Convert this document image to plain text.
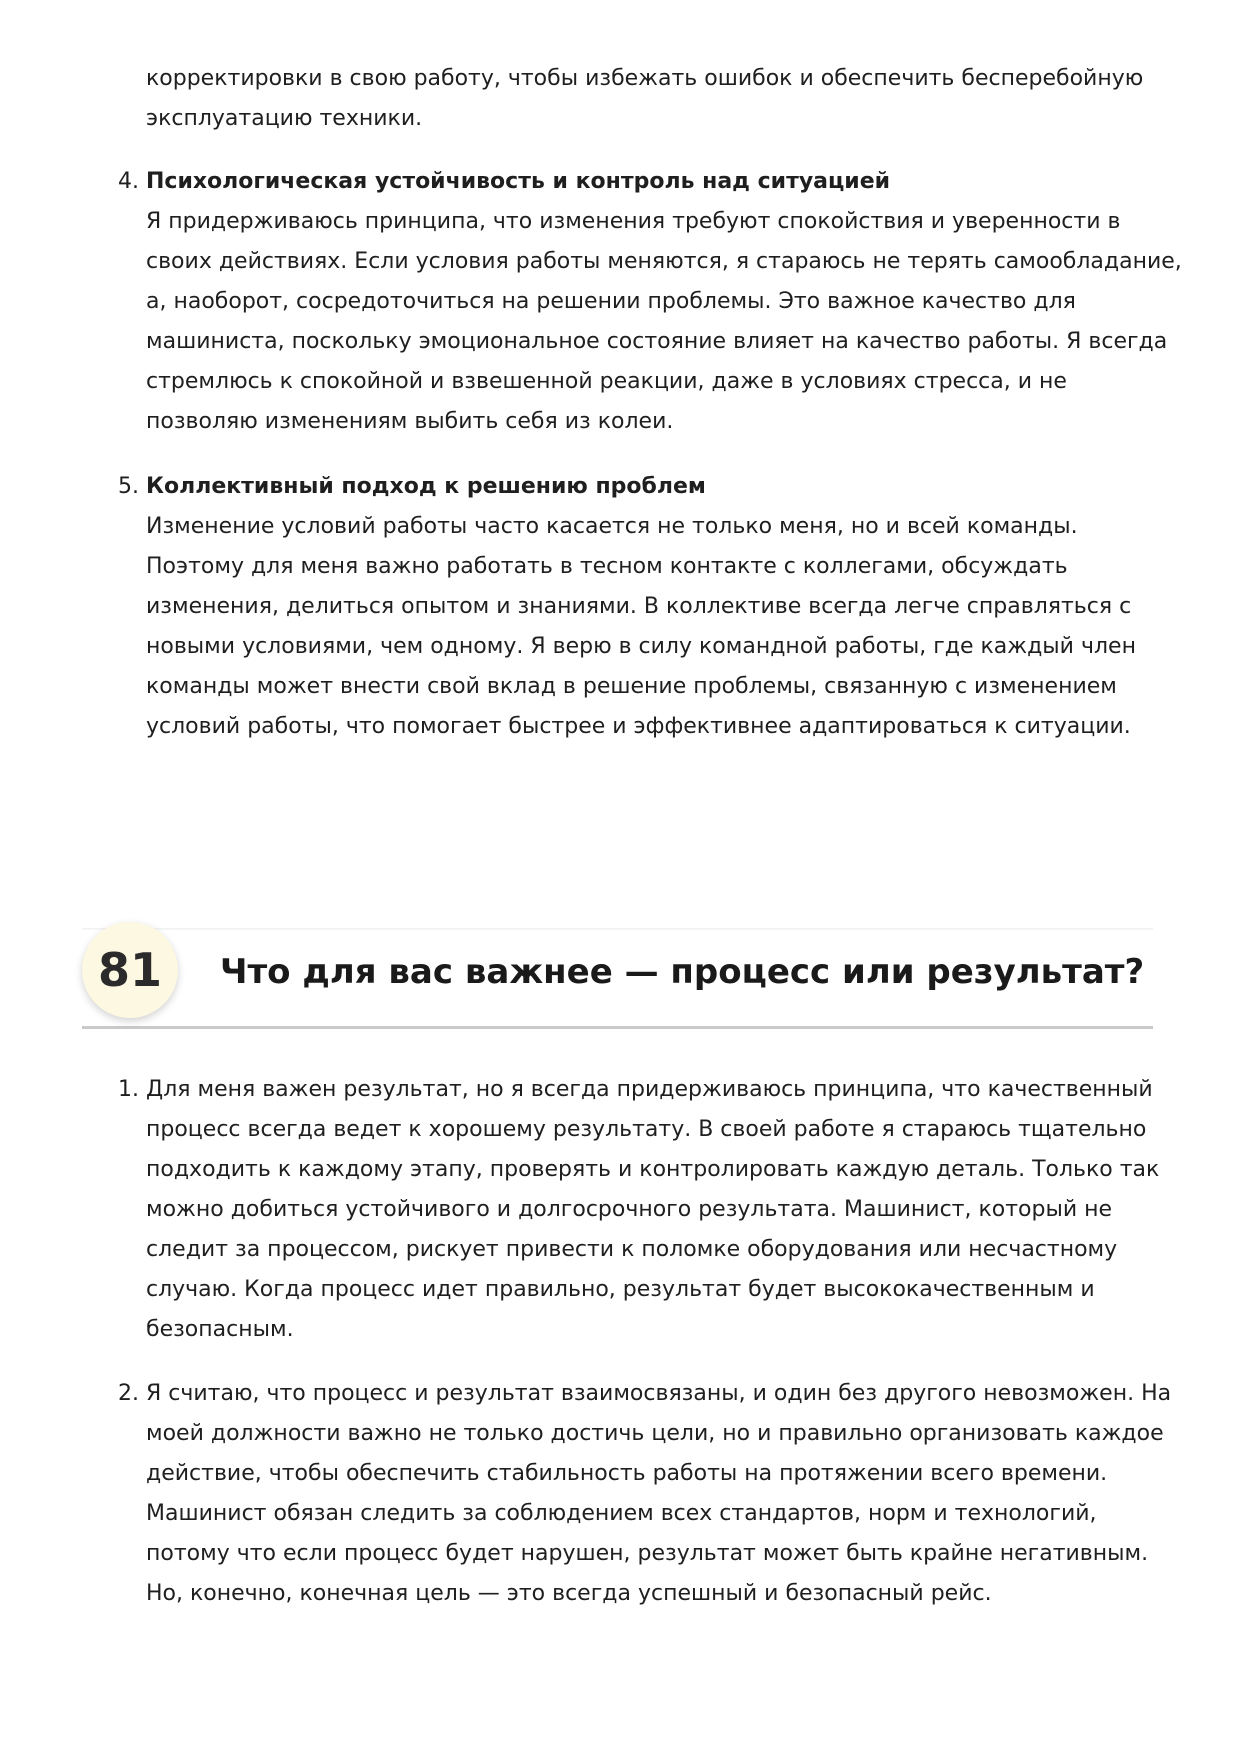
корректировки в свою работу, чтобы избежать ошибок и обеспечить бесперебойную
эксплуатацию техники.
4. Психологическая устойчивость и контроль над ситуацией
Я придерживаюсь принципа, что изменения требуют спокойствия и уверенности в
своих действиях. Если условия работы меняются, я стараюсь не терять самообладание,
а, наоборот, сосредоточиться на решении проблемы. Это важное качество для
машиниста, поскольку эмоциональное состояние влияет на качество работы. Я всегда
стремлюсь к спокойной и взвешенной реакции, даже в условиях стресса, и не
позволяю изменениям выбить себя из колеи.
5. Коллективный подход к решению проблем
Изменение условий работы часто касается не только меня, но и всей команды.
Поэтому для меня важно работать в тесном контакте с коллегами, обсуждать
изменения, делиться опытом и знаниями. В коллективе всегда легче справляться с
новыми условиями, чем одному. Я верю в силу командной работы, где каждый член
команды может внести свой вклад в решение проблемы, связанную с изменением
условий работы, что помогает быстрее и эффективнее адаптироваться к ситуации.
81	Что для вас важнее — процесс или результат?
1. Для меня важен результат, но я всегда придерживаюсь принципа, что качественный
процесс всегда ведет к хорошему результату. В своей работе я стараюсь тщательно
подходить к каждому этапу, проверять и контролировать каждую деталь. Только так
можно добиться устойчивого и долгосрочного результата. Машинист, который не
следит за процессом, рискует привести к поломке оборудования или несчастному
случаю. Когда процесс идет правильно, результат будет высококачественным и
безопасным.
2. Я считаю, что процесс и результат взаимосвязаны, и один без другого невозможен. На
моей должности важно не только достичь цели, но и правильно организовать каждое
действие, чтобы обеспечить стабильность работы на протяжении всего времени.
Машинист обязан следить за соблюдением всех стандартов, норм и технологий,
потому что если процесс будет нарушен, результат может быть крайне негативным.
Но, конечно, конечная цель — это всегда успешный и безопасный рейс.
